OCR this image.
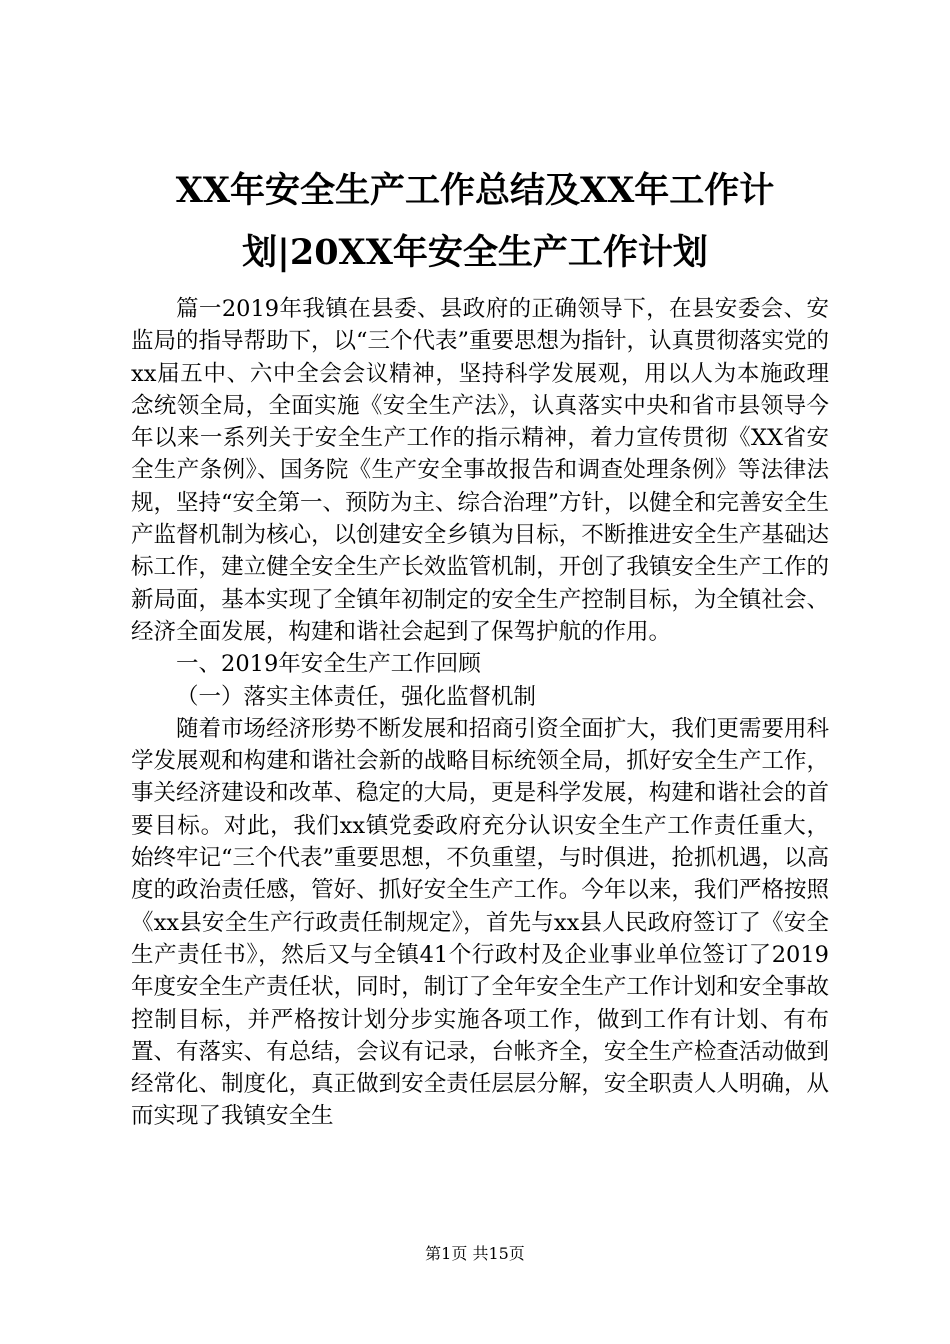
XX年安全生产工作总结及XX年工作计划|20XX年安全生产工作计划

篇一2019年我镇在县委、县政府的正确领导下，在县安委会、安监局的指导帮助下，以“三个代表”重要思想为指针，认真贯彻落实党的xx届五中、六中全会会议精神，坚持科学发展观，用以人为本施政理念统领全局，全面实施《安全生产法》，认真落实中央和省市县领导今年以来一系列关于安全生产工作的指示精神，着力宣传贯彻《XX省安全生产条例》、国务院《生产安全事故报告和调查处理条例》等法律法规，坚持“安全第一、预防为主、综合治理”方针，以健全和完善安全生产监督机制为核心，以创建安全乡镇为目标，不断推进安全生产基础达标工作，建立健全安全生产长效监管机制，开创了我镇安全生产工作的新局面，基本实现了全镇年初制定的安全生产控制目标，为全镇社会、经济全面发展，构建和谐社会起到了保驾护航的作用。

一、2019年安全生产工作回顾

（一）落实主体责任，强化监督机制

随着市场经济形势不断发展和招商引资全面扩大，我们更需要用科学发展观和构建和谐社会新的战略目标统领全局，抓好安全生产工作，事关经济建设和改革、稳定的大局，更是科学发展，构建和谐社会的首要目标。对此，我们xx镇党委政府充分认识安全生产工作责任重大，始终牢记“三个代表”重要思想，不负重望，与时俱进，抢抓机遇，以高度的政治责任感，管好、抓好安全生产工作。今年以来，我们严格按照《xx县安全生产行政责任制规定》，首先与xx县人民政府签订了《安全生产责任书》，然后又与全镇41个行政村及企业事业单位签订了2019年度安全生产责任状，同时，制订了全年安全生产工作计划和安全事故控制目标，并严格按计划分步实施各项工作，做到工作有计划、有布置、有落实、有总结，会议有记录，台帐齐全，安全生产检查活动做到经常化、制度化，真正做到安全责任层层分解，安全职责人人明确，从而实现了我镇安全生

第1页 共15页
